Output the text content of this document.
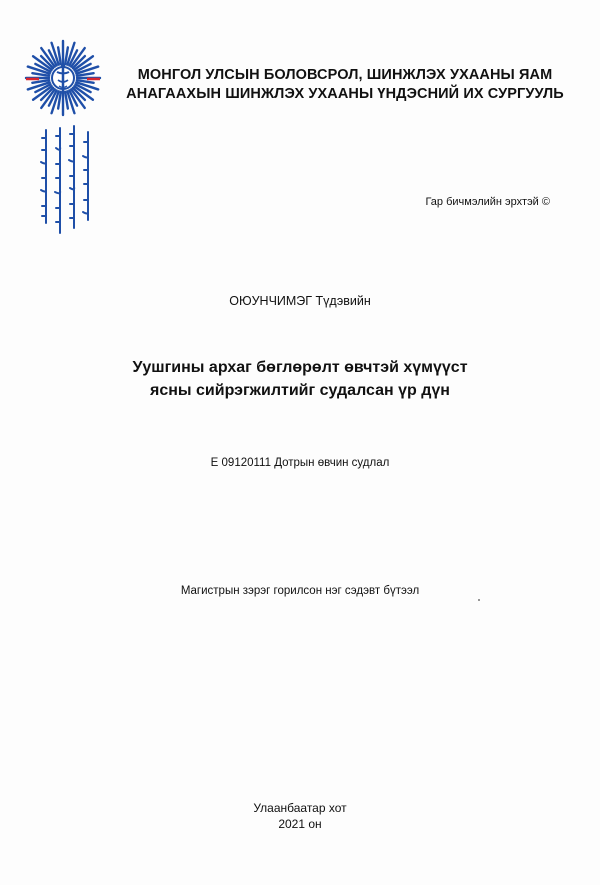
МОНГОЛ УЛСЫН БОЛОВСРОЛ, ШИНЖЛЭХ УХААНЫ ЯАМ
АНАГААХЫН ШИНЖЛЭХ УХААНЫ ҮНДЭСНИЙ ИХ СУРГУУЛЬ
Гар бичмэлийн эрхтэй ©
ОЮУНЧИМЭГ Түдэвийн
Уушгины архаг бөглөрөлт өвчтэй хүмүүст
ясны сийрэгжилтийг судалсан үр дүн
Е 09120111 Дотрын өвчин судлал
Магистрын зэрэг горилсон нэг сэдэвт бүтээл
Улаанбаатар хот
2021 он
